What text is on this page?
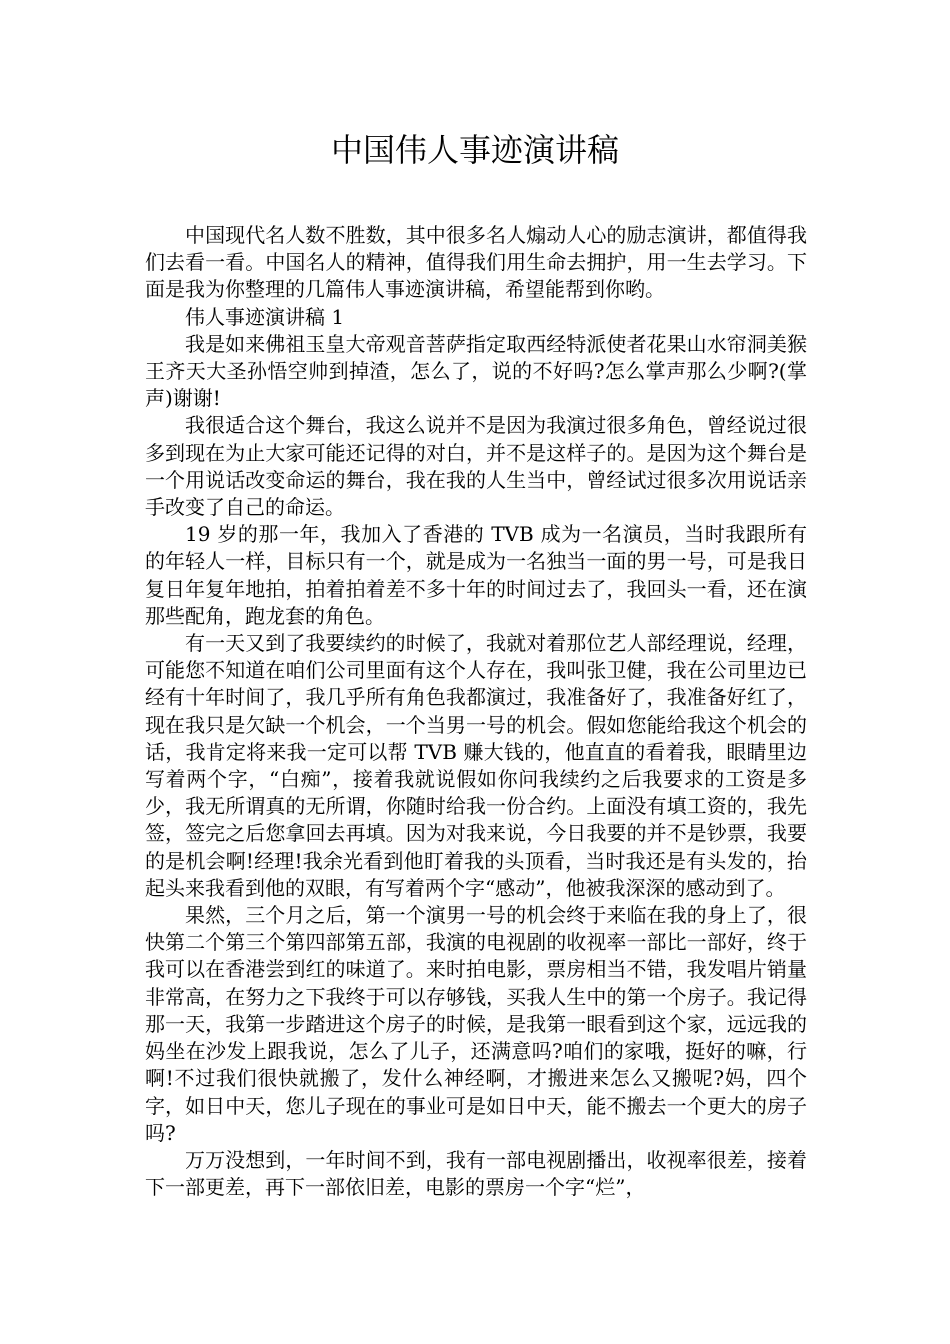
中国伟人事迹演讲稿

中国现代名人数不胜数，其中很多名人煽动人心的励志演讲，都值得我们去看一看。中国名人的精神，值得我们用生命去拥护，用一生去学习。下面是我为你整理的几篇伟人事迹演讲稿，希望能帮到你哟。

伟人事迹演讲稿 1

我是如来佛祖玉皇大帝观音菩萨指定取西经特派使者花果山水帘洞美猴王齐天大圣孙悟空帅到掉渣，怎么了，说的不好吗?怎么掌声那么少啊?(掌声)谢谢!

我很适合这个舞台，我这么说并不是因为我演过很多角色，曾经说过很多到现在为止大家可能还记得的对白，并不是这样子的。是因为这个舞台是一个用说话改变命运的舞台，我在我的人生当中，曾经试过很多次用说话亲手改变了自己的命运。

19 岁的那一年，我加入了香港的 TVB 成为一名演员，当时我跟所有的年轻人一样，目标只有一个，就是成为一名独当一面的男一号，可是我日复日年复年地拍，拍着拍着差不多十年的时间过去了，我回头一看，还在演那些配角，跑龙套的角色。

有一天又到了我要续约的时候了，我就对着那位艺人部经理说，经理，可能您不知道在咱们公司里面有这个人存在，我叫张卫健，我在公司里边已经有十年时间了，我几乎所有角色我都演过，我准备好了，我准备好红了，现在我只是欠缺一个机会，一个当男一号的机会。假如您能给我这个机会的话，我肯定将来我一定可以帮 TVB 赚大钱的，他直直的看着我，眼睛里边写着两个字，“白痴”，接着我就说假如你问我续约之后我要求的工资是多少，我无所谓真的无所谓，你随时给我一份合约。上面没有填工资的，我先签，签完之后您拿回去再填。因为对我来说，今日我要的并不是钞票，我要的是机会啊!经理!我余光看到他盯着我的头顶看，当时我还是有头发的，抬起头来我看到他的双眼，有写着两个字“感动”，他被我深深的感动到了。

果然，三个月之后，第一个演男一号的机会终于来临在我的身上了，很快第二个第三个第四部第五部，我演的电视剧的收视率一部比一部好，终于我可以在香港尝到红的味道了。来时拍电影，票房相当不错，我发唱片销量非常高，在努力之下我终于可以存够钱，买我人生中的第一个房子。我记得那一天，我第一步踏进这个房子的时候，是我第一眼看到这个家，远远我的妈坐在沙发上跟我说，怎么了儿子，还满意吗?咱们的家哦，挺好的嘛，行啊!不过我们很快就搬了，发什么神经啊，才搬进来怎么又搬呢?妈，四个字，如日中天，您儿子现在的事业可是如日中天，能不搬去一个更大的房子吗?

万万没想到，一年时间不到，我有一部电视剧播出，收视率很差，接着下一部更差，再下一部依旧差，电影的票房一个字“烂”，
